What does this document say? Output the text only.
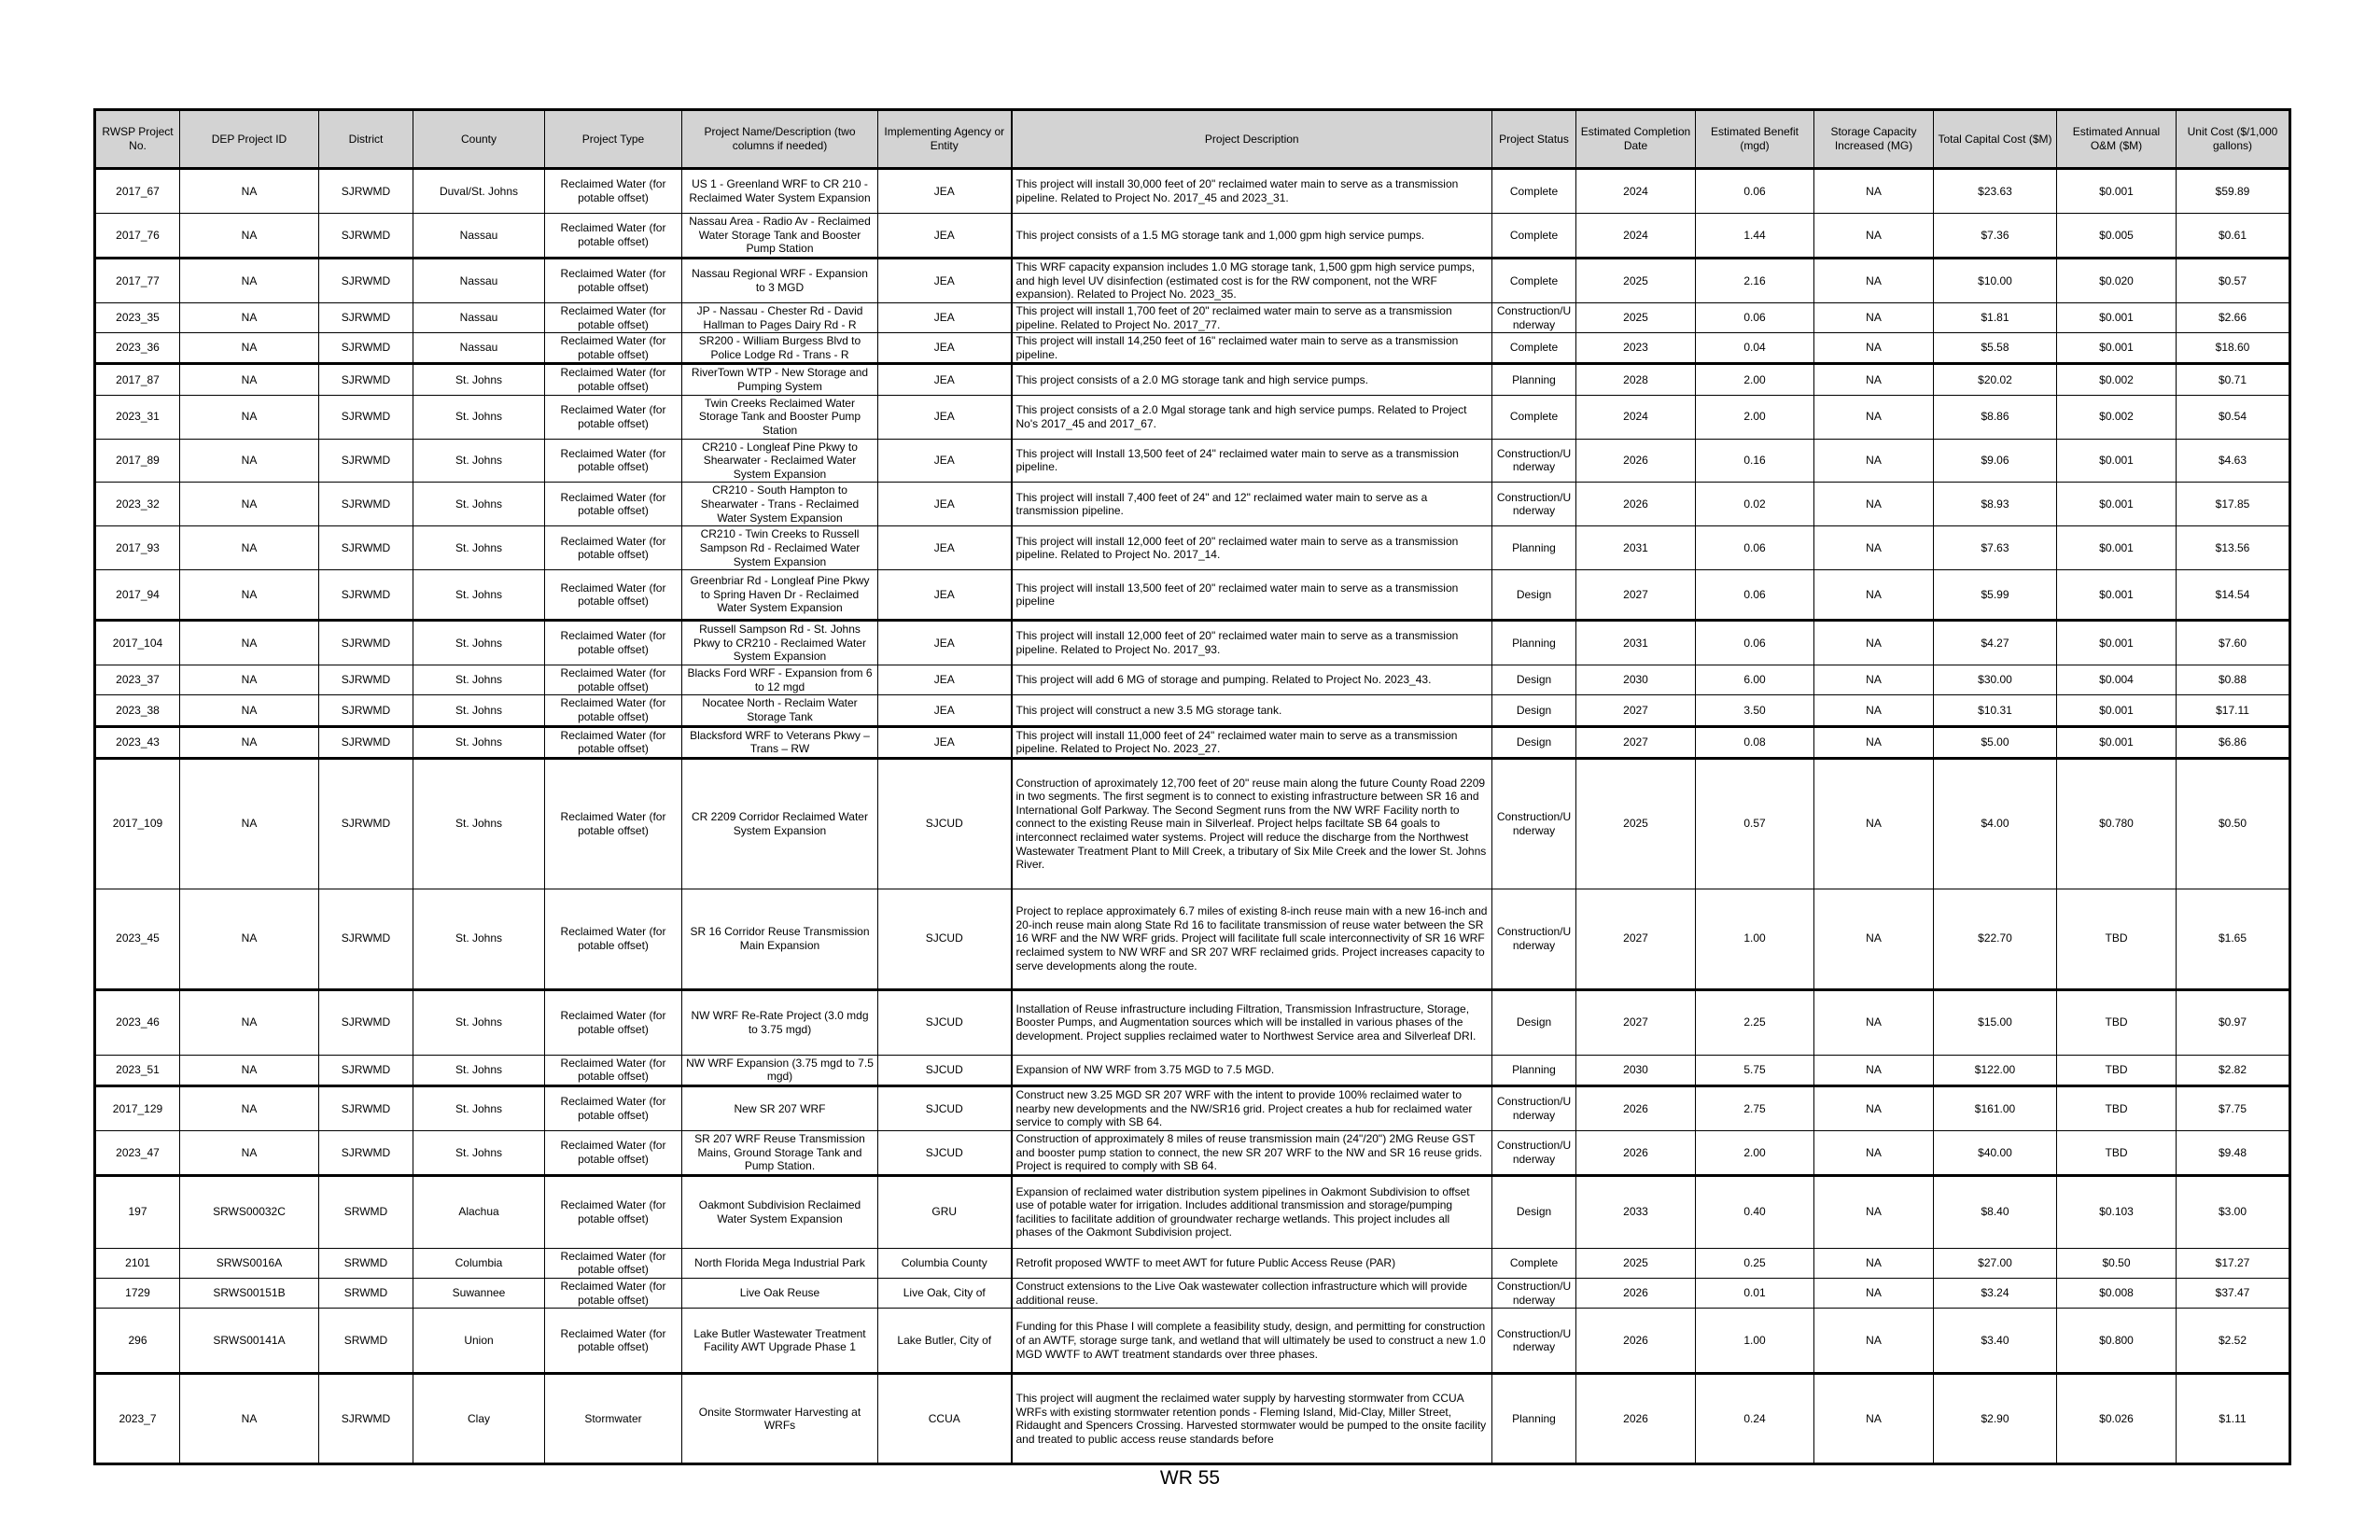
RWSP Project No.	DEP Project ID	District	County	Project Type	Project Name/Description (two columns if needed)	Implementing Agency or Entity	Project Description	Project Status	Estimated Completion Date	Estimated Benefit (mgd)	Storage Capacity Increased (MG)	Total Capital Cost ($M)	Estimated Annual O&M ($M)	Unit Cost ($/1,000 gallons)
2017_67	NA	SJRWMD	Duval/St. Johns	Reclaimed Water (for potable offset)	US 1 - Greenland WRF to CR 210 - Reclaimed Water System Expansion	JEA	This project will install 30,000 feet of 20" reclaimed water main to serve as a transmission pipeline. Related to Project No. 2017_45 and 2023_31.	Complete	2024	0.06	NA	$23.63	$0.001	$59.89
2017_76	NA	SJRWMD	Nassau	Reclaimed Water (for potable offset)	Nassau Area - Radio Av - Reclaimed Water Storage Tank and Booster Pump Station	JEA	This project consists of a 1.5 MG storage tank and 1,000 gpm high service pumps.	Complete	2024	1.44	NA	$7.36	$0.005	$0.61
2017_77	NA	SJRWMD	Nassau	Reclaimed Water (for potable offset)	Nassau Regional WRF - Expansion to 3 MGD	JEA	This WRF capacity expansion includes 1.0 MG storage tank, 1,500 gpm high service pumps, and high level UV disinfection (estimated cost is for the RW component, not the WRF expansion). Related to Project No. 2023_35.	Complete	2025	2.16	NA	$10.00	$0.020	$0.57
2023_35	NA	SJRWMD	Nassau	Reclaimed Water (for potable offset)	JP - Nassau - Chester Rd - David Hallman to Pages Dairy Rd - R	JEA	This project will install 1,700 feet of 20" reclaimed water main to serve as a transmission pipeline. Related to Project No. 2017_77.	Construction/Underway	2025	0.06	NA	$1.81	$0.001	$2.66
2023_36	NA	SJRWMD	Nassau	Reclaimed Water (for potable offset)	SR200 - William Burgess Blvd to Police Lodge Rd - Trans - R	JEA	This project will install 14,250 feet of 16" reclaimed water main to serve as a transmission pipeline.	Complete	2023	0.04	NA	$5.58	$0.001	$18.60
2017_87	NA	SJRWMD	St. Johns	Reclaimed Water (for potable offset)	RiverTown WTP - New Storage and Pumping System	JEA	This project consists of a 2.0 MG storage tank and high service pumps.	Planning	2028	2.00	NA	$20.02	$0.002	$0.71
2023_31	NA	SJRWMD	St. Johns	Reclaimed Water (for potable offset)	Twin Creeks Reclaimed Water Storage Tank and Booster Pump Station	JEA	This project consists of a 2.0 Mgal storage tank and high service pumps. Related to Project No's 2017_45 and 2017_67.	Complete	2024	2.00	NA	$8.86	$0.002	$0.54
2017_89	NA	SJRWMD	St. Johns	Reclaimed Water (for potable offset)	CR210 - Longleaf Pine Pkwy to Shearwater - Reclaimed Water System Expansion	JEA	This project will Install 13,500 feet of 24" reclaimed water main to serve as a transmission pipeline.	Construction/Underway	2026	0.16	NA	$9.06	$0.001	$4.63
2023_32	NA	SJRWMD	St. Johns	Reclaimed Water (for potable offset)	CR210 - South Hampton to Shearwater - Trans - Reclaimed Water System Expansion	JEA	This project will install 7,400 feet of 24" and 12" reclaimed water main to serve as a transmission pipeline.	Construction/Underway	2026	0.02	NA	$8.93	$0.001	$17.85
2017_93	NA	SJRWMD	St. Johns	Reclaimed Water (for potable offset)	CR210 - Twin Creeks to Russell Sampson Rd - Reclaimed Water System Expansion	JEA	This project will install 12,000 feet of 20" reclaimed water main to serve as a transmission pipeline. Related to Project No. 2017_14.	Planning	2031	0.06	NA	$7.63	$0.001	$13.56
2017_94	NA	SJRWMD	St. Johns	Reclaimed Water (for potable offset)	Greenbriar Rd - Longleaf Pine Pkwy to Spring Haven Dr - Reclaimed Water System Expansion	JEA	This project will install 13,500 feet of 20" reclaimed water main to serve as a transmission pipeline	Design	2027	0.06	NA	$5.99	$0.001	$14.54
2017_104	NA	SJRWMD	St. Johns	Reclaimed Water (for potable offset)	Russell Sampson Rd - St. Johns Pkwy to CR210 - Reclaimed Water System Expansion	JEA	This project will install 12,000 feet of 20" reclaimed water main to serve as a transmission pipeline. Related to Project No. 2017_93.	Planning	2031	0.06	NA	$4.27	$0.001	$7.60
2023_37	NA	SJRWMD	St. Johns	Reclaimed Water (for potable offset)	Blacks Ford WRF - Expansion from 6 to 12 mgd	JEA	This project will add 6 MG of storage and pumping. Related to Project No. 2023_43.	Design	2030	6.00	NA	$30.00	$0.004	$0.88
2023_38	NA	SJRWMD	St. Johns	Reclaimed Water (for potable offset)	Nocatee North - Reclaim Water Storage Tank	JEA	This project will construct a new 3.5 MG storage tank.	Design	2027	3.50	NA	$10.31	$0.001	$17.11
2023_43	NA	SJRWMD	St. Johns	Reclaimed Water (for potable offset)	Blacksford WRF to Veterans Pkwy – Trans – RW	JEA	This project will install 11,000 feet of 24" reclaimed water main to serve as a transmission pipeline. Related to Project No. 2023_27.	Design	2027	0.08	NA	$5.00	$0.001	$6.86
2017_109	NA	SJRWMD	St. Johns	Reclaimed Water (for potable offset)	CR 2209 Corridor Reclaimed Water System Expansion	SJCUD	Construction of aproximately 12,700 feet of 20" reuse main along the future County Road 2209 in two segments. The first segment is to connect to existing infrastructure between SR 16 and International Golf Parkway. The Second Segment runs from the NW WRF Facility north to connect to the existing Reuse main in Silverleaf. Project helps faciltate SB 64 goals to interconnect reclaimed water systems. Project will reduce the discharge from the Northwest Wastewater Treatment Plant to Mill Creek, a tributary of Six Mile Creek and the lower St. Johns River.	Construction/Underway	2025	0.57	NA	$4.00	$0.780	$0.50
2023_45	NA	SJRWMD	St. Johns	Reclaimed Water (for potable offset)	SR 16 Corridor Reuse Transmission Main Expansion	SJCUD	Project to replace approximately 6.7 miles of existing 8-inch reuse main with a new 16-inch and 20-inch reuse main along State Rd 16 to facilitate transmission of reuse water between the SR 16 WRF and the NW WRF grids. Project will facilitate full scale interconnectivity of SR 16 WRF reclaimed system to NW WRF and SR 207 WRF reclaimed grids. Project increases capacity to serve developments along the route.	Construction/Underway	2027	1.00	NA	$22.70	TBD	$1.65
2023_46	NA	SJRWMD	St. Johns	Reclaimed Water (for potable offset)	NW WRF Re-Rate Project (3.0 mdg to 3.75 mgd)	SJCUD	Installation of Reuse infrastructure including Filtration, Transmission Infrastructure, Storage, Booster Pumps, and Augmentation sources which will be installed in various phases of the development. Project supplies reclaimed water to Northwest Service area and Silverleaf DRI.	Design	2027	2.25	NA	$15.00	TBD	$0.97
2023_51	NA	SJRWMD	St. Johns	Reclaimed Water (for potable offset)	NW WRF Expansion (3.75 mgd to 7.5 mgd)	SJCUD	Expansion of NW WRF from 3.75 MGD to 7.5 MGD.	Planning	2030	5.75	NA	$122.00	TBD	$2.82
2017_129	NA	SJRWMD	St. Johns	Reclaimed Water (for potable offset)	New SR 207 WRF	SJCUD	Construct new 3.25 MGD SR 207 WRF with the intent to provide 100% reclaimed water to nearby new developments and the NW/SR16 grid. Project creates a hub for reclaimed water service to comply with SB 64.	Construction/Underway	2026	2.75	NA	$161.00	TBD	$7.75
2023_47	NA	SJRWMD	St. Johns	Reclaimed Water (for potable offset)	SR 207 WRF Reuse Transmission Mains, Ground Storage Tank and Pump Station.	SJCUD	Construction of approximately 8 miles of reuse transmission main (24"/20") 2MG Reuse GST and booster pump station to connect, the new SR 207 WRF to the NW and SR 16 reuse grids. Project is required to comply with SB 64.	Construction/Underway	2026	2.00	NA	$40.00	TBD	$9.48
197	SRWS00032C	SRWMD	Alachua	Reclaimed Water (for potable offset)	Oakmont Subdivision Reclaimed Water System Expansion	GRU	Expansion of reclaimed water distribution system pipelines in Oakmont Subdivision to offset use of potable water for irrigation. Includes additional transmission and storage/pumping facilities to facilitate addition of groundwater recharge wetlands. This project includes all phases of the Oakmont Subdivision project.	Design	2033	0.40	NA	$8.40	$0.103	$3.00
2101	SRWS0016A	SRWMD	Columbia	Reclaimed Water (for potable offset)	North Florida Mega Industrial Park	Columbia County	Retrofit proposed WWTF to meet AWT for future Public Access Reuse (PAR)	Complete	2025	0.25	NA	$27.00	$0.50	$17.27
1729	SRWS00151B	SRWMD	Suwannee	Reclaimed Water (for potable offset)	Live Oak Reuse	Live Oak, City of	Construct extensions to the Live Oak wastewater collection infrastructure which will provide additional reuse.	Construction/Underway	2026	0.01	NA	$3.24	$0.008	$37.47
296	SRWS00141A	SRWMD	Union	Reclaimed Water (for potable offset)	Lake Butler Wastewater Treatment Facility AWT Upgrade Phase 1	Lake Butler, City of	Funding for this Phase I will complete a feasibility study, design, and permitting for construction of an AWTF, storage surge tank, and wetland that will ultimately be used to construct a new 1.0 MGD WWTF to AWT treatment standards over three phases.	Construction/Underway	2026	1.00	NA	$3.40	$0.800	$2.52
2023_7	NA	SJRWMD	Clay	Stormwater	Onsite Stormwater Harvesting at WRFs	CCUA	This project will augment the reclaimed water supply by harvesting stormwater from CCUA WRFs with existing stormwater retention ponds - Fleming Island, Mid-Clay, Miller Street, Ridaught and Spencers Crossing. Harvested stormwater would be pumped to the onsite facility and treated to public access reuse standards before	Planning	2026	0.24	NA	$2.90	$0.026	$1.11
WR 55
